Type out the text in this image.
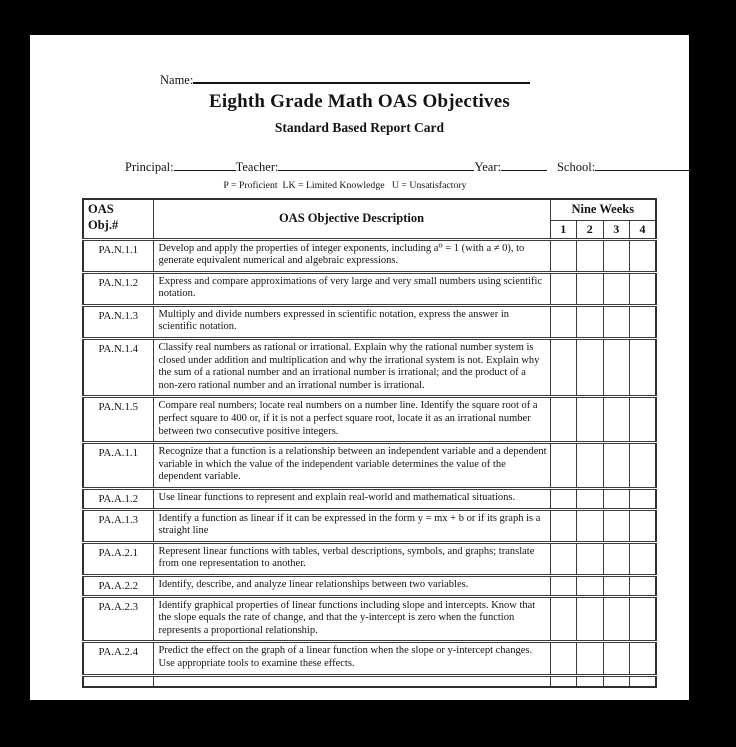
Name:
Eighth Grade Math OAS Objectives
Standard Based Report Card
Principal:	Teacher:	Year:	School:
P = Proficient  LK = Limited Knowledge   U = Unsatisfactory
OAS
Obj.#	OAS Objective Description	Nine Weeks			
		1	2	3	4
PA.N.1.1	Develop and apply the properties of integer exponents, including a⁰ = 1 (with a ≠ 0), to generate equivalent numerical and algebraic expressions.				
PA.N.1.2	Express and compare approximations of very large and very small numbers using scientific notation.				
PA.N.1.3	Multiply and divide numbers expressed in scientific notation, express the answer in scientific notation.				
PA.N.1.4	Classify real numbers as rational or irrational. Explain why the rational number system is closed under addition and multiplication and why the irrational system is not. Explain why the sum of a rational number and an irrational number is irrational; and the product of a non-zero rational number and an irrational number is irrational.				
PA.N.1.5	Compare real numbers; locate real numbers on a number line. Identify the square root of a perfect square to 400 or, if it is not a perfect square root, locate it as an irrational number between two consecutive positive integers.				
PA.A.1.1	Recognize that a function is a relationship between an independent variable and a dependent variable in which the value of the independent variable determines the value of the dependent variable.				
PA.A.1.2	Use linear functions to represent and explain real-world and mathematical situations.				
PA.A.1.3	Identify a function as linear if it can be expressed in the form y = mx + b or if its graph is a straight line				
PA.A.2.1	Represent linear functions with tables, verbal descriptions, symbols, and graphs; translate from one representation to another.				
PA.A.2.2	Identify, describe, and analyze linear relationships between two variables.				
PA.A.2.3	Identify graphical properties of linear functions including slope and intercepts. Know that the slope equals the rate of change, and that the y-intercept is zero when the function represents a proportional relationship.				
PA.A.2.4	Predict the effect on the graph of a linear function when the slope or y-intercept changes. Use appropriate tools to examine these effects.				
